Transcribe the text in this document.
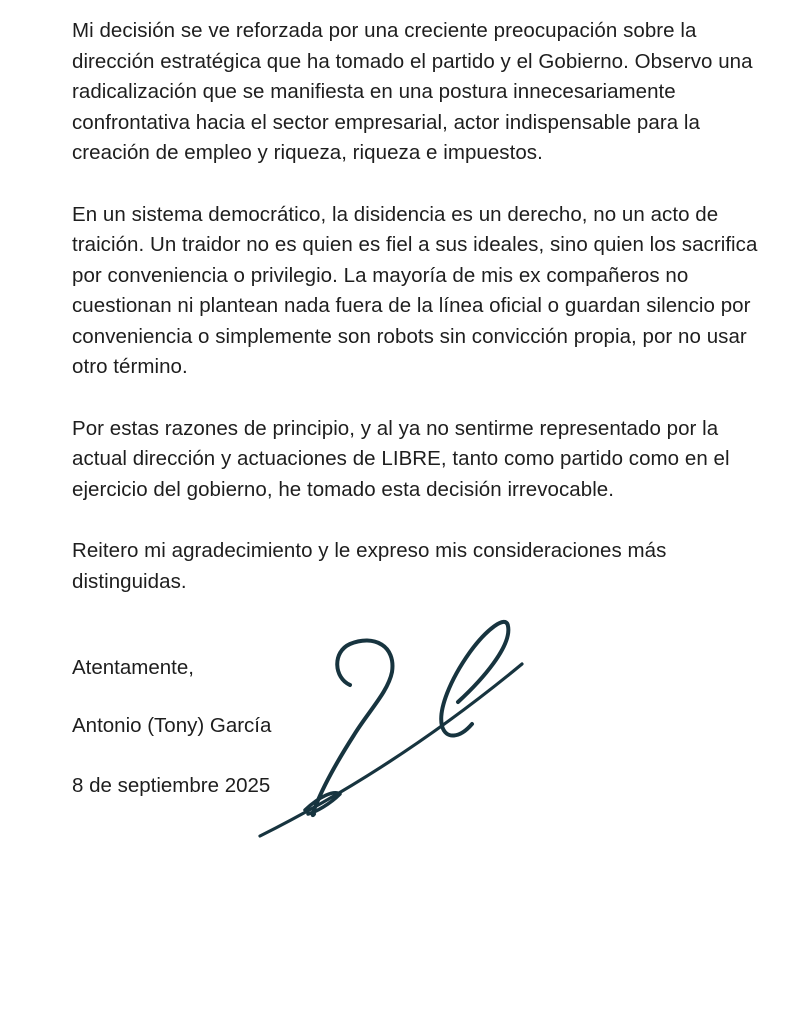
Mi decisión se ve reforzada por una creciente preocupación sobre la dirección estratégica que ha tomado el partido y el Gobierno. Observo una radicalización que se manifiesta en una postura innecesariamente confrontativa hacia el sector empresarial, actor indispensable para la creación de empleo y riqueza, riqueza e impuestos.

En un sistema democrático, la disidencia es un derecho, no un acto de traición. Un traidor no es quien es fiel a sus ideales, sino quien los sacrifica por conveniencia o privilegio. La mayoría de mis ex compañeros no cuestionan ni plantean nada fuera de la línea oficial o guardan silencio por conveniencia o simplemente son robots sin convicción propia, por no usar otro término.

Por estas razones de principio, y al ya no sentirme representado por la actual dirección y actuaciones de LIBRE, tanto como partido como en el ejercicio del gobierno, he tomado esta decisión irrevocable.

Reitero mi agradecimiento y le expreso mis consideraciones más distinguidas.

Atentamente,

Antonio (Tony) García

8 de septiembre 2025
